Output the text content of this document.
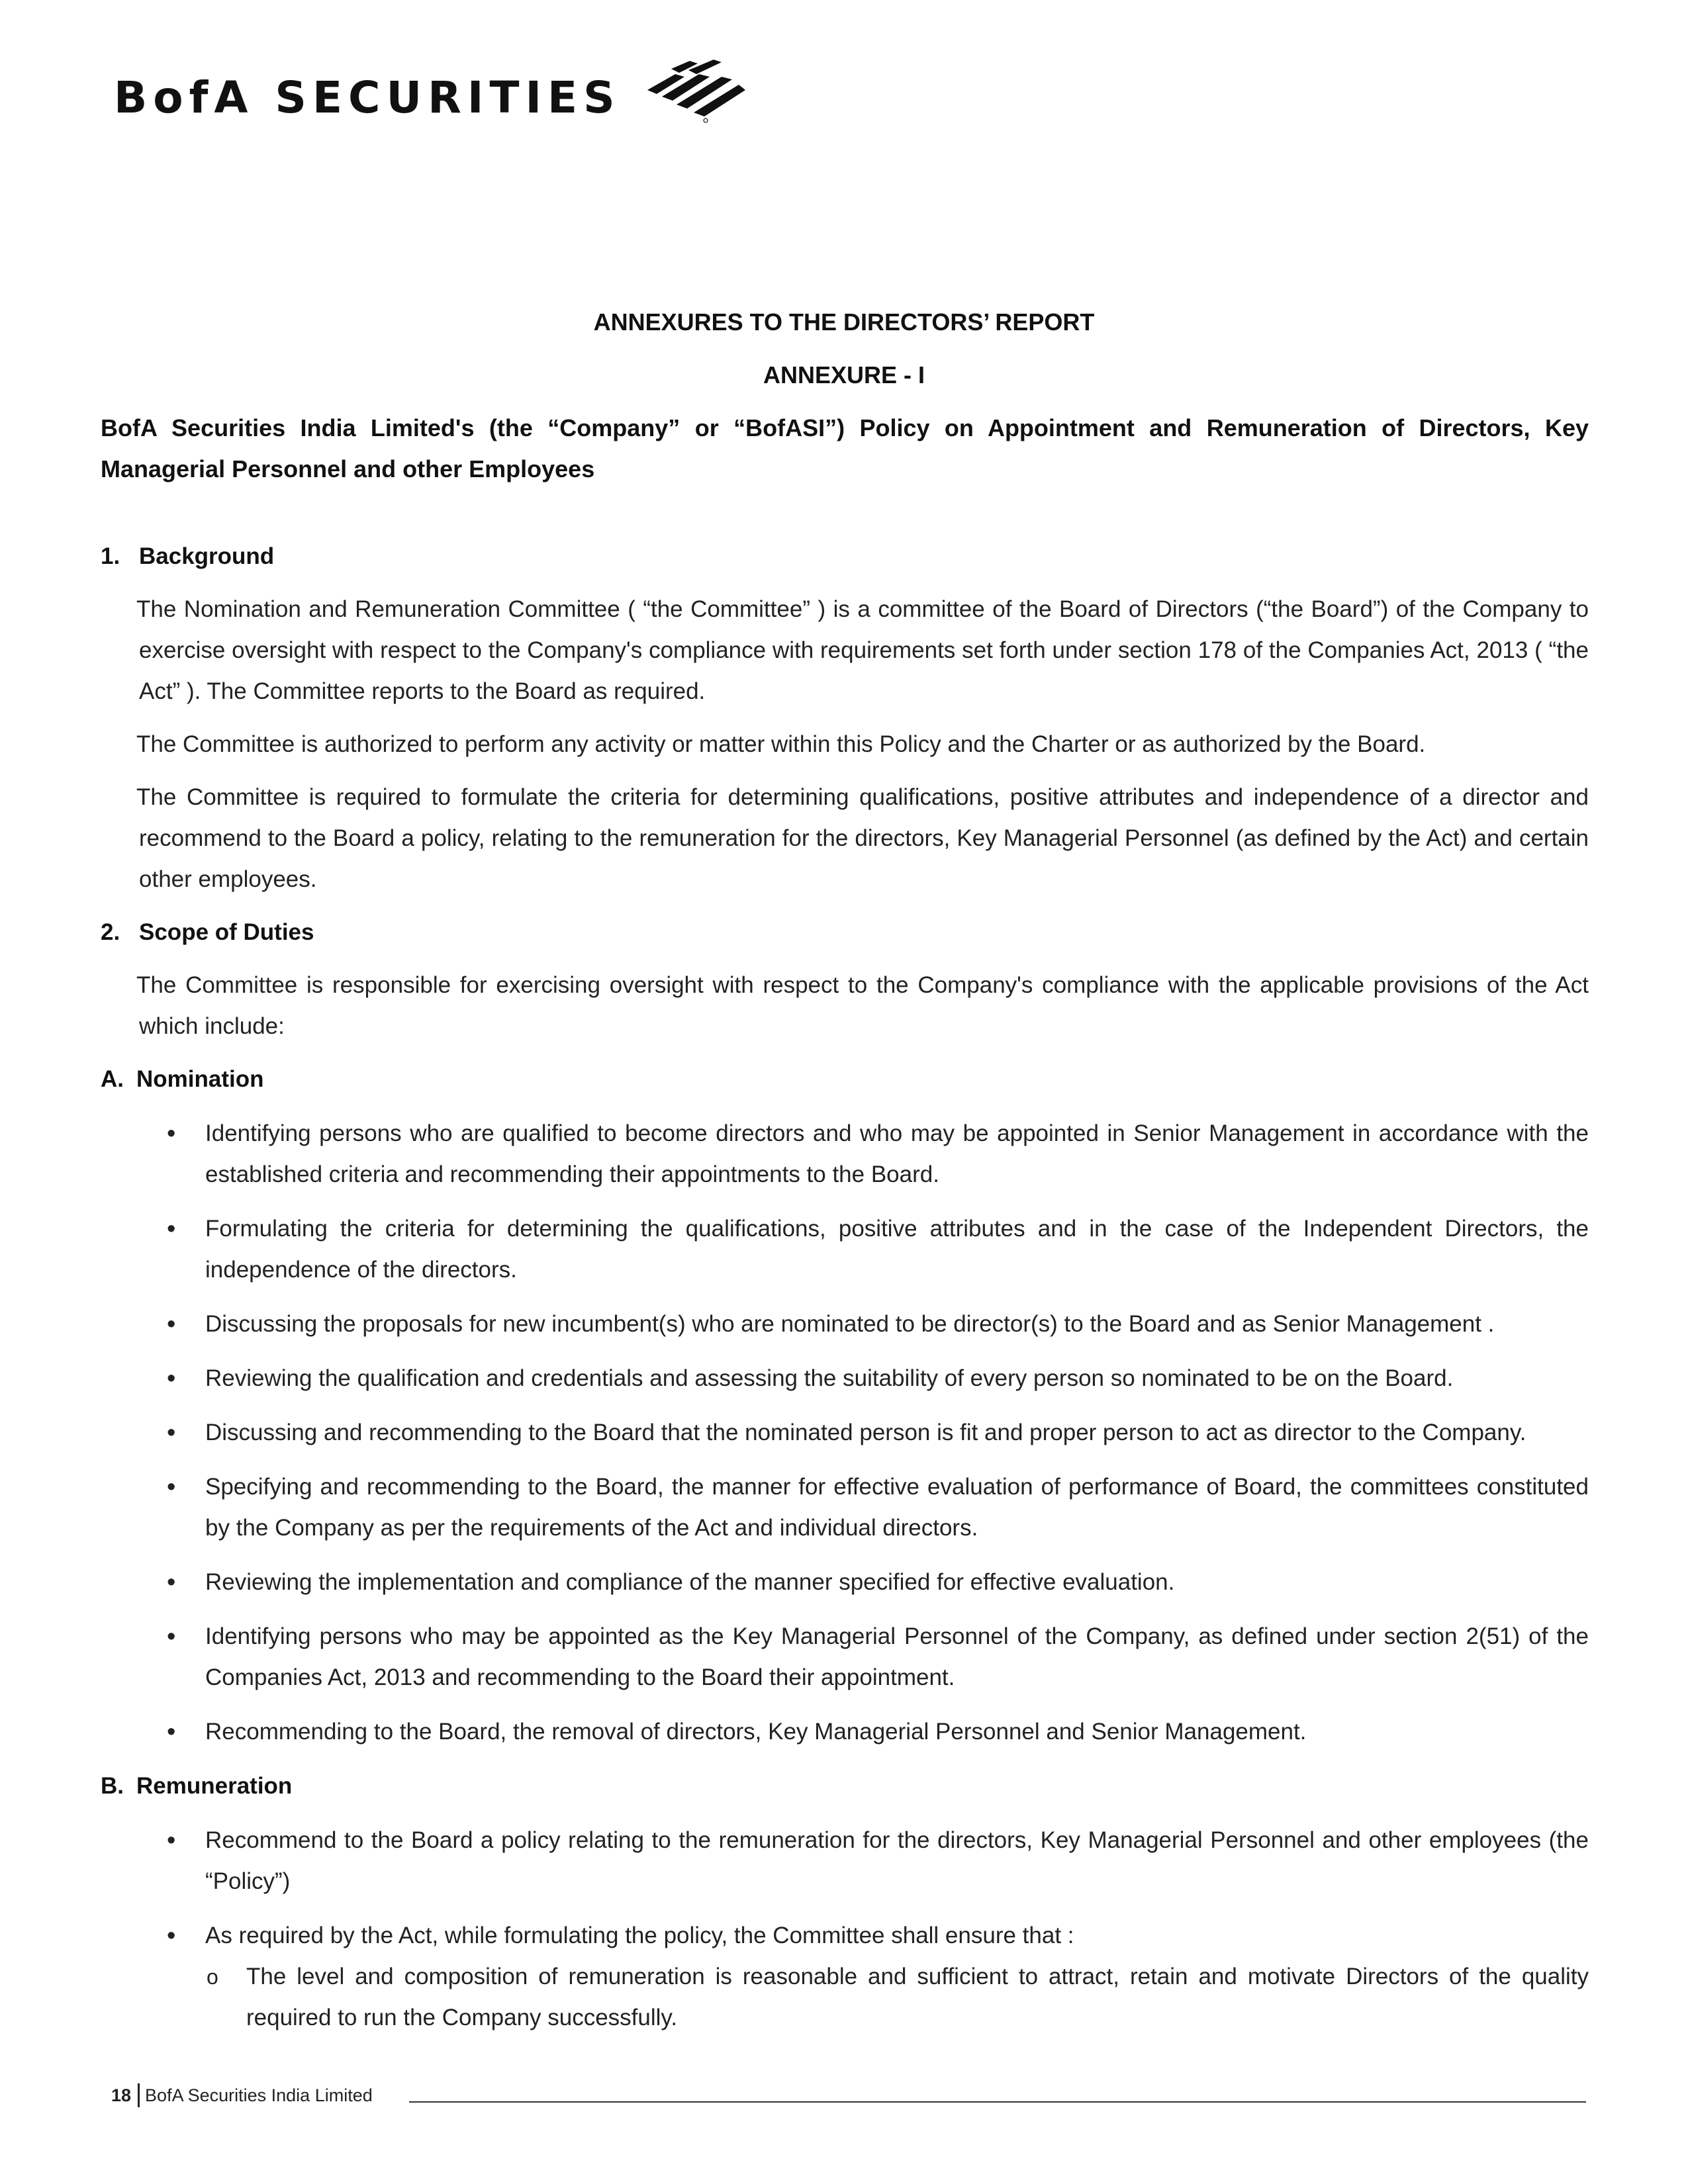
BofA SECURITIES
ANNEXURES TO THE DIRECTORS’ REPORT
ANNEXURE - I
BofA Securities India Limited's (the “Company” or “BofASI”) Policy on Appointment and Remuneration of Directors, Key Managerial Personnel and other Employees
1. Background

The Nomination and Remuneration Committee ( “the Committee” ) is a committee of the Board of Directors (“the Board”) of the Company to exercise oversight with respect to the Company's compliance with requirements set forth under section 178 of the Companies Act, 2013 ( “the Act” ). The Committee reports to the Board as required.

The Committee is authorized to perform any activity or matter within this Policy and the Charter or as authorized by the Board.

The Committee is required to formulate the criteria for determining qualifications, positive attributes and independence of a director and recommend to the Board a policy, relating to the remuneration for the directors, Key Managerial Personnel (as defined by the Act) and certain other employees.

2. Scope of Duties

The Committee is responsible for exercising oversight with respect to the Company's compliance with the applicable provisions of the Act which include:

A. Nomination
• Identifying persons who are qualified to become directors and who may be appointed in Senior Management in accordance with the established criteria and recommending their appointments to the Board.
• Formulating the criteria for determining the qualifications, positive attributes and in the case of the Independent Directors, the independence of the directors.
• Discussing the proposals for new incumbent(s) who are nominated to be director(s) to the Board and as Senior Management .
• Reviewing the qualification and credentials and assessing the suitability of every person so nominated to be on the Board.
• Discussing and recommending to the Board that the nominated person is fit and proper person to act as director to the Company.
• Specifying and recommending to the Board, the manner for effective evaluation of performance of Board, the committees constituted by the Company as per the requirements of the Act and individual directors.
• Reviewing the implementation and compliance of the manner specified for effective evaluation.
• Identifying persons who may be appointed as the Key Managerial Personnel of the Company, as defined under section 2(51) of the Companies Act, 2013 and recommending to the Board their appointment.
• Recommending to the Board, the removal of directors, Key Managerial Personnel and Senior Management.
B. Remuneration
• Recommend to the Board a policy relating to the remuneration for the directors, Key Managerial Personnel and other employees (the “Policy”)
• As required by the Act, while formulating the policy, the Committee shall ensure that :
o The level and composition of remuneration is reasonable and sufficient to attract, retain and motivate Directors of the quality required to run the Company successfully.
18 BofA Securities India Limited
